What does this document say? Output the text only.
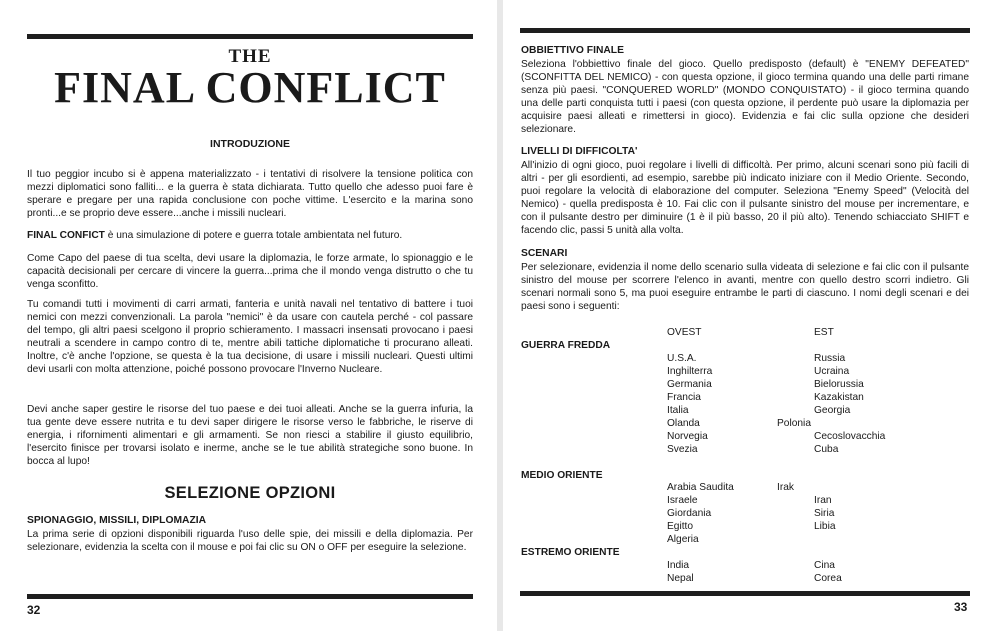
THE
FINAL CONFLICT
INTRODUZIONE
Il tuo peggior incubo si è appena materializzato - i tentativi di risolvere la tensione politica con mezzi diplomatici sono falliti... e la guerra è stata dichiarata. Tutto quello che adesso puoi fare è sperare e pregare per una rapida conclusione con poche vittime. L'esercito e la marina sono pronti...e se proprio deve essere...anche i missili nucleari.
FINAL CONFICT è una simulazione di potere e guerra totale ambientata nel futuro.
Come Capo del paese di tua scelta, devi usare la diplomazia, le forze armate, lo spionaggio e le capacità decisionali per cercare di vincere la guerra...prima che il mondo venga distrutto o che tu venga sconfitto.
Tu comandi tutti i movimenti di carri armati, fanteria e unità navali nel tentativo di battere i tuoi nemici con mezzi convenzionali. La parola "nemici" è da usare con cautela perché - col passare del tempo, gli altri paesi scelgono il proprio schieramento. I massacri insensati provocano i paesi neutrali a scendere in campo contro di te, mentre abili tattiche diplomatiche ti procurano alleati. Inoltre, c'è anche l'opzione, se questa è la tua decisione, di usare i missili nucleari. Questi ultimi devi usarli con molta attenzione, poiché possono provocare l'Inverno Nucleare.
Devi anche saper gestire le risorse del tuo paese e dei tuoi alleati. Anche se la guerra infuria, la tua gente deve essere nutrita e tu devi saper dirigere le risorse verso le fabbriche, le riserve di energia, i rifornimenti alimentari e gli armamenti. Se non riesci a stabilire il giusto equilibrio, l'esercito finisce per trovarsi isolato e inerme, anche se le tue abilità strategiche sono buone. In bocca al lupo!
SELEZIONE OPZIONI
SPIONAGGIO, MISSILI, DIPLOMAZIA
La prima serie di opzioni disponibili riguarda l'uso delle spie, dei missili e della diplomazia. Per selezionare, evidenzia la scelta con il mouse e poi fai clic su ON o OFF per eseguire la selezione.
32
OBBIETTIVO FINALE
Seleziona l'obbiettivo finale del gioco. Quello predisposto (default) è "ENEMY DEFEATED" (SCONFITTA DEL NEMICO) - con questa opzione, il gioco termina quando una delle parti rimane senza più paesi. "CONQUERED WORLD" (MONDO CONQUISTATO) - il gioco termina quando una delle parti conquista tutti i paesi (con questa opzione, il perdente può usare la diplomazia per acquisire paesi alleati e rimettersi in gioco). Evidenzia e fai clic sulla opzione che desideri selezionare.
LIVELLI DI DIFFICOLTA'
All'inizio di ogni gioco, puoi regolare i livelli di difficoltà. Per primo, alcuni scenari sono più facili di altri - per gli esordienti, ad esempio, sarebbe più indicato iniziare con il Medio Oriente. Secondo, puoi regolare la velocità di elaborazione del computer. Seleziona "Enemy Speed" (Velocità del Nemico) - quella predisposta è 10. Fai clic con il pulsante sinistro del mouse per incrementare, e con il pulsante destro per diminuire (1 è il più basso, 20 il più alto). Tenendo schiacciato SHIFT e facendo clic, passi 5 unità alla volta.
SCENARI
Per selezionare, evidenzia il nome dello scenario sulla videata di selezione e fai clic con il pulsante sinistro del mouse per scorrere l'elenco in avanti, mentre con quello destro scorri indietro. Gli scenari normali sono 5, ma puoi eseguire entrambe le parti di ciascuno. I nomi degli scenari e dei paesi sono i seguenti:
OVEST	EST
GUERRA FREDDA
U.S.A.
Inghilterra
Germania
Francia
Italia
Olanda
Norvegia
Svezia
Russia
Ucraina
Bielorussia
Kazakistan
Georgia
Cecoslovacchia
Cuba
Polonia
MEDIO ORIENTE
Arabia Saudita
Israele
Giordania
Egitto
Algeria
Irak
Iran
Siria
Libia
ESTREMO ORIENTE
India
Nepal
Cina
Corea
33
